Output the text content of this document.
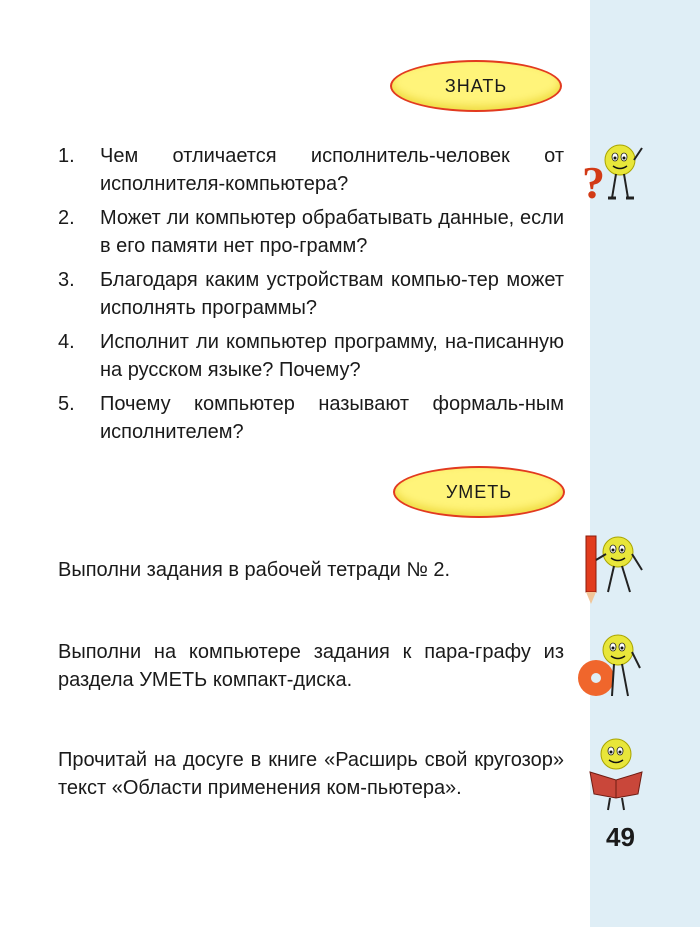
ЗНАТЬ
1.	Чем отличается исполнитель-человек от исполнителя-компьютера?
2.	Может ли компьютер обрабатывать данные, если в его памяти нет про-грамм?
3.	Благодаря каким устройствам компью-тер может исполнять программы?
4.	Исполнит ли компьютер программу, на-писанную на русском языке? Почему?
5.	Почему компьютер называют формаль-ным исполнителем?
УМЕТЬ

Выполни задания в рабочей тетради № 2.

Выполни на компьютере задания к пара-графу из раздела УМЕТЬ компакт-диска.

Прочитай на досуге в книге «Расширь свой кругозор» текст «Области применения ком-пьютера».

?
49
